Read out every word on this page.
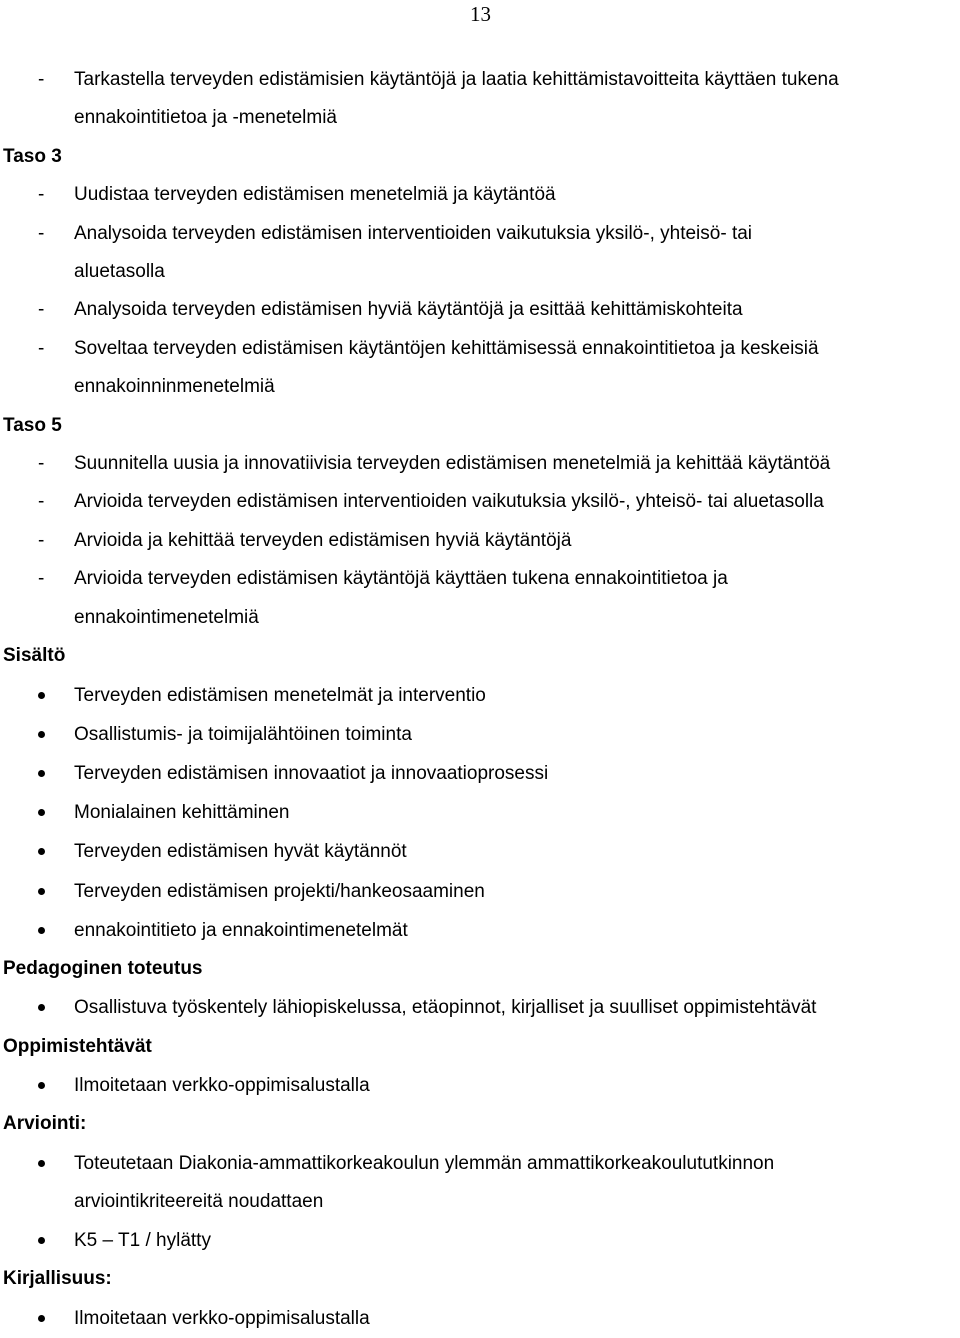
13
-	Tarkastella terveyden edistämisien käytäntöjä ja laatia kehittämistavoitteita käyttäen tukena
ennakointitietoa ja -menetelmiä
Taso 3
-	Uudistaa terveyden edistämisen menetelmiä ja käytäntöä
-	Analysoida terveyden edistämisen interventioiden vaikutuksia yksilö-, yhteisö- tai
aluetasolla
-	Analysoida terveyden edistämisen hyviä käytäntöjä ja esittää kehittämiskohteita
-	Soveltaa terveyden edistämisen käytäntöjen kehittämisessä ennakointitietoa ja keskeisiä
ennakoinninmenetelmiä
Taso 5
-	Suunnitella uusia ja innovatiivisia terveyden edistämisen menetelmiä ja kehittää käytäntöä
-	Arvioida terveyden edistämisen interventioiden vaikutuksia yksilö-, yhteisö- tai aluetasolla
-	Arvioida ja kehittää terveyden edistämisen hyviä käytäntöjä
-	Arvioida terveyden edistämisen käytäntöjä käyttäen tukena ennakointitietoa ja
ennakointimenetelmiä
Sisältö
Terveyden edistämisen menetelmät ja interventio
Osallistumis- ja toimijalähtöinen toiminta
Terveyden edistämisen innovaatiot ja innovaatioprosessi
Monialainen kehittäminen
Terveyden edistämisen hyvät käytännöt
Terveyden edistämisen projekti/hankeosaaminen
ennakointitieto ja ennakointimenetelmät
Pedagoginen toteutus
Osallistuva työskentely lähiopiskelussa, etäopinnot, kirjalliset ja suulliset oppimistehtävät
Oppimistehtävät
Ilmoitetaan verkko-oppimisalustalla
Arviointi:
Toteutetaan Diakonia-ammattikorkeakoulun ylemmän ammattikorkeakoulututkinnon
arviointikriteereitä noudattaen
K5 – T1 / hylätty
Kirjallisuus:
Ilmoitetaan verkko-oppimisalustalla
